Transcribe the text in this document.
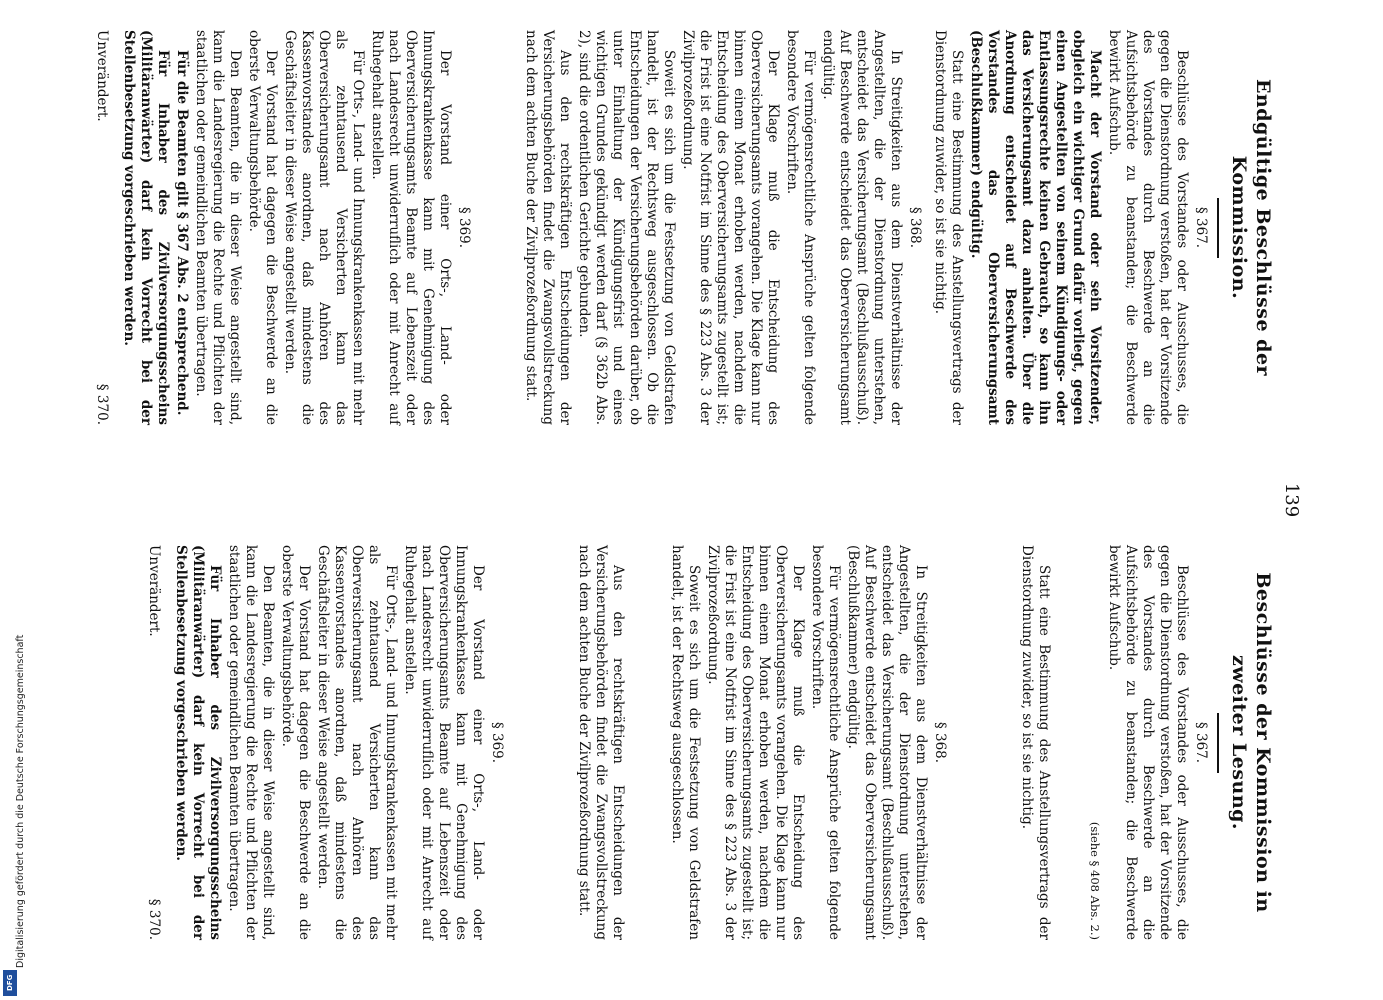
139
Beschlüsse der Kommission in zweiter Lesung.
§ 367.

Beschlüsse des Vorstandes oder Ausschusses, die gegen die Dienstordnung verstoßen, hat der Vorsitzende des Vorstandes durch Beschwerde an die Aufsichtsbehörde zu beanstanden; die Beschwerde bewirkt Aufschub.

(siehe § 408 Abs. 2.)

Statt eine Bestimmung des Anstellungsvertrags der Dienstordnung zuwider, so ist sie nichtig.

§ 368.

In Streitigkeiten aus dem Dienstverhältnisse der Angestellten, die der Dienstordnung unterstehen, entscheidet das Versicherungsamt (Beschlußausschuß). Auf Beschwerde entscheidet das Oberversicherungsamt (Beschlußkammer) endgültig.

Für vermögensrechtliche Ansprüche gelten folgende besondere Vorschriften.

Der Klage muß die Entscheidung des Oberversicherungsamts vorangehen. Die Klage kann nur binnen einem Monat erhoben werden, nachdem die Entscheidung des Oberversicherungsamts zugestellt ist; die Frist ist eine Notfrist im Sinne des § 223 Abs. 3 der Zivilprozeßordnung.

Soweit es sich um die Festsetzung von Geldstrafen handelt, ist der Rechtsweg ausgeschlossen.

Aus den rechtskräftigen Entscheidungen der Versicherungsbehörden findet die Zwangsvollstreckung nach dem achten Buche der Zivilprozeßordnung statt.

§ 369.

Der Vorstand einer Orts-, Land- oder Innungskrankenkasse kann mit Genehmigung des Oberversicherungsamts Beamte auf Lebenszeit oder nach Landesrecht unwiderruflich oder mit Anrecht auf Ruhegehalt anstellen.

Für Orts-, Land- und Innungskrankenkassen mit mehr als zehntausend Versicherten kann das Oberversicherungsamt nach Anhören des Kassenvorstandes anordnen, daß mindestens die Geschäftsleiter in dieser Weise angestellt werden.

Der Vorstand hat dagegen die Beschwerde an die oberste Verwaltungsbehörde.

Den Beamten, die in dieser Weise angestellt sind, kann die Landesregierung die Rechte und Pflichten der staatlichen oder gemeindlichen Beamten übertragen.

Für Inhaber des Zivilversorgungsscheins (Militäranwärter) darf kein Vorrecht bei der Stellenbesetzung vorgeschrieben werden.

Unverändert.
§ 370.
Endgültige Beschlüsse der Kommission.
§ 367.

Beschlüsse des Vorstandes oder Ausschusses, die gegen die Dienstordnung verstoßen, hat der Vorsitzende des Vorstandes durch Beschwerde an die Aufsichtsbehörde zu beanstanden; die Beschwerde bewirkt Aufschub.

Macht der Vorstand oder sein Vorsitzender, obgleich ein wichtiger Grund dafür vorliegt, gegen einen Angestellten von seinem Kündigungs- oder Entlassungsrechte keinen Gebrauch, so kann ihn das Versicherungsamt dazu anhalten. Über die Anordnung entscheidet auf Beschwerde des Vorstandes das Oberversicherungsamt (Beschlußkammer) endgültig.

Statt eine Bestimmung des Anstellungsvertrags der Dienstordnung zuwider, so ist sie nichtig.

§ 368.

In Streitigkeiten aus dem Dienstverhältnisse der Angestellten, die der Dienstordnung unterstehen, entscheidet das Versicherungsamt (Beschlußausschuß). Auf Beschwerde entscheidet das Oberversicherungsamt endgültig.

Für vermögensrechtliche Ansprüche gelten folgende besondere Vorschriften.

Der Klage muß die Entscheidung des Oberversicherungsamts vorangehen. Die Klage kann nur binnen einem Monat erhoben werden, nachdem die Entscheidung des Oberversicherungsamts zugestellt ist; die Frist ist eine Notfrist im Sinne des § 223 Abs. 3 der Zivilprozeßordnung.

Soweit es sich um die Festsetzung von Geldstrafen handelt, ist der Rechtsweg ausgeschlossen. Ob die Entscheidungen der Versicherungsbehörden darüber, ob unter Einhaltung der Kündigungsfrist und eines wichtigen Grundes gekündigt werden darf (§ 362b Abs. 2), sind die ordentlichen Gerichte gebunden.

Aus den rechtskräftigen Entscheidungen der Versicherungsbehörden findet die Zwangsvollstreckung nach dem achten Buche der Zivilprozeßordnung statt.

§ 369.

Der Vorstand einer Orts-, Land- oder Innungskrankenkasse kann mit Genehmigung des Oberversicherungsamts Beamte auf Lebenszeit oder nach Landesrecht unwiderruflich oder mit Anrecht auf Ruhegehalt anstellen.

Für Orts-, Land- und Innungskrankenkassen mit mehr als zehntausend Versicherten kann das Oberversicherungsamt nach Anhören des Kassenvorstandes anordnen, daß mindestens die Geschäftsleiter in dieser Weise angestellt werden.

Der Vorstand hat dagegen die Beschwerde an die oberste Verwaltungsbehörde.

Den Beamten, die in dieser Weise angestellt sind, kann die Landesregierung die Rechte und Pflichten der staatlichen oder gemeindlichen Beamten übertragen.

Für die Beamten gilt § 367 Abs. 2 entsprechend.

Für Inhaber des Zivilversorgungsscheins (Militäranwärter) darf kein Vorrecht bei der Stellenbesetzung vorgeschrieben werden.

Unverändert.
§ 370.
Digitalisierung gefördert durch die Deutsche Forschungsgemeinschaft
DFG
